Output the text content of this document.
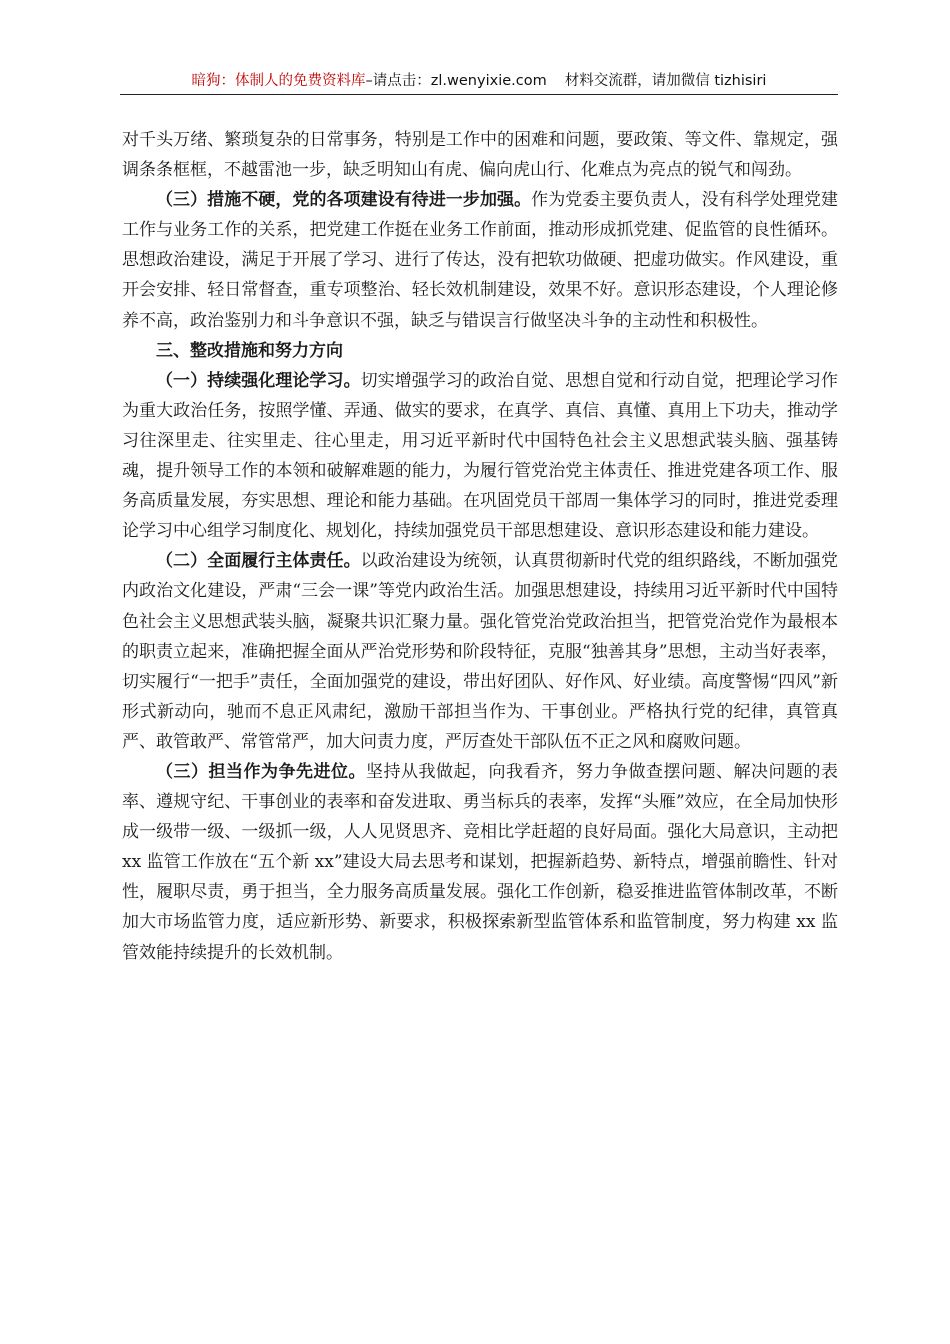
暗狗：体制人的免费资料库–请点击：zl.wenyixie.com 材料交流群，请加微信 tizhisiri

对千头万绪、繁琐复杂的日常事务，特别是工作中的困难和问题，要政策、等文件、靠规定，强调条条框框，不越雷池一步，缺乏明知山有虎、偏向虎山行、化难点为亮点的锐气和闯劲。

（三）措施不硬，党的各项建设有待进一步加强。作为党委主要负责人，没有科学处理党建工作与业务工作的关系，把党建工作挺在业务工作前面，推动形成抓党建、促监管的良性循环。思想政治建设，满足于开展了学习、进行了传达，没有把软功做硬、把虚功做实。作风建设，重开会安排、轻日常督查，重专项整治、轻长效机制建设，效果不好。意识形态建设，个人理论修养不高，政治鉴别力和斗争意识不强，缺乏与错误言行做坚决斗争的主动性和积极性。

三、整改措施和努力方向

（一）持续强化理论学习。切实增强学习的政治自觉、思想自觉和行动自觉，把理论学习作为重大政治任务，按照学懂、弄通、做实的要求，在真学、真信、真懂、真用上下功夫，推动学习往深里走、往实里走、往心里走，用习近平新时代中国特色社会主义思想武装头脑、强基铸魂，提升领导工作的本领和破解难题的能力，为履行管党治党主体责任、推进党建各项工作、服务高质量发展，夯实思想、理论和能力基础。在巩固党员干部周一集体学习的同时，推进党委理论学习中心组学习制度化、规划化，持续加强党员干部思想建设、意识形态建设和能力建设。

（二）全面履行主体责任。以政治建设为统领，认真贯彻新时代党的组织路线，不断加强党内政治文化建设，严肃“三会一课”等党内政治生活。加强思想建设，持续用习近平新时代中国特色社会主义思想武装头脑，凝聚共识汇聚力量。强化管党治党政治担当，把管党治党作为最根本的职责立起来，准确把握全面从严治党形势和阶段特征，克服“独善其身”思想，主动当好表率，切实履行“一把手”责任，全面加强党的建设，带出好团队、好作风、好业绩。高度警惕“四风”新形式新动向，驰而不息正风肃纪，激励干部担当作为、干事创业。严格执行党的纪律，真管真严、敢管敢严、常管常严，加大问责力度，严厉查处干部队伍不正之风和腐败问题。

（三）担当作为争先进位。坚持从我做起，向我看齐，努力争做查摆问题、解决问题的表率、遵规守纪、干事创业的表率和奋发进取、勇当标兵的表率，发挥“头雁”效应，在全局加快形成一级带一级、一级抓一级，人人见贤思齐、竞相比学赶超的良好局面。强化大局意识，主动把 xx 监管工作放在“五个新 xx”建设大局去思考和谋划，把握新趋势、新特点，增强前瞻性、针对性，履职尽责，勇于担当，全力服务高质量发展。强化工作创新，稳妥推进监管体制改革，不断加大市场监管力度，适应新形势、新要求，积极探索新型监管体系和监管制度，努力构建 xx 监管效能持续提升的长效机制。
